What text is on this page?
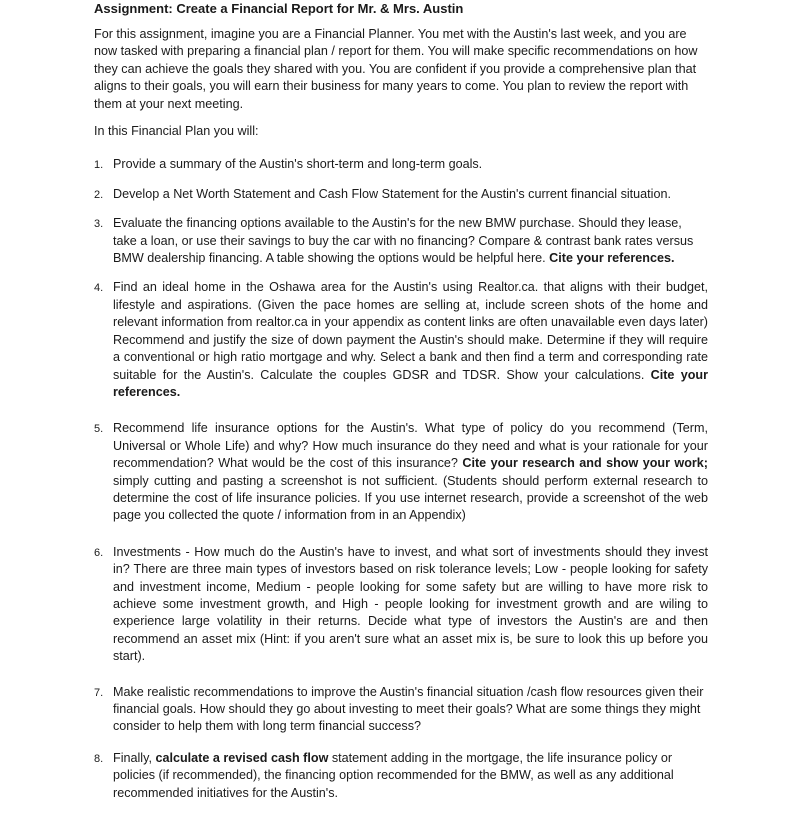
Assignment: Create a Financial Report for Mr. & Mrs. Austin

For this assignment, imagine you are a Financial Planner. You met with the Austin's last week, and you are now tasked with preparing a financial plan / report for them. You will make specific recommendations on how they can achieve the goals they shared with you. You are confident if you provide a comprehensive plan that aligns to their goals, you will earn their business for many years to come. You plan to review the report with them at your next meeting.

In this Financial Plan you will:

1. Provide a summary of the Austin's short-term and long-term goals.
2. Develop a Net Worth Statement and Cash Flow Statement for the Austin's current financial situation.
3. Evaluate the financing options available to the Austin's for the new BMW purchase. Should they lease, take a loan, or use their savings to buy the car with no financing? Compare & contrast bank rates versus BMW dealership financing. A table showing the options would be helpful here. Cite your references.
4. Find an ideal home in the Oshawa area for the Austin's using Realtor.ca. that aligns with their budget, lifestyle and aspirations. (Given the pace homes are selling at, include screen shots of the home and relevant information from realtor.ca in your appendix as content links are often unavailable even days later) Recommend and justify the size of down payment the Austin's should make. Determine if they will require a conventional or high ratio mortgage and why. Select a bank and then find a term and corresponding rate suitable for the Austin's. Calculate the couples GDSR and TDSR. Show your calculations. Cite your references.
5. Recommend life insurance options for the Austin's. What type of policy do you recommend (Term, Universal or Whole Life) and why? How much insurance do they need and what is your rationale for your recommendation? What would be the cost of this insurance? Cite your research and show your work; simply cutting and pasting a screenshot is not sufficient. (Students should perform external research to determine the cost of life insurance policies. If you use internet research, provide a screenshot of the web page you collected the quote / information from in an Appendix)
6. Investments - How much do the Austin's have to invest, and what sort of investments should they invest in? There are three main types of investors based on risk tolerance levels; Low - people looking for safety and investment income, Medium - people looking for some safety but are willing to have more risk to achieve some investment growth, and High - people looking for investment growth and are wiling to experience large volatility in their returns. Decide what type of investors the Austin's are and then recommend an asset mix (Hint: if you aren't sure what an asset mix is, be sure to look this up before you start).
7. Make realistic recommendations to improve the Austin's financial situation /cash flow resources given their financial goals. How should they go about investing to meet their goals? What are some things they might consider to help them with long term financial success?
8. Finally, calculate a revised cash flow statement adding in the mortgage, the life insurance policy or policies (if recommended), the financing option recommended for the BMW, as well as any additional recommended initiatives for the Austin's.
